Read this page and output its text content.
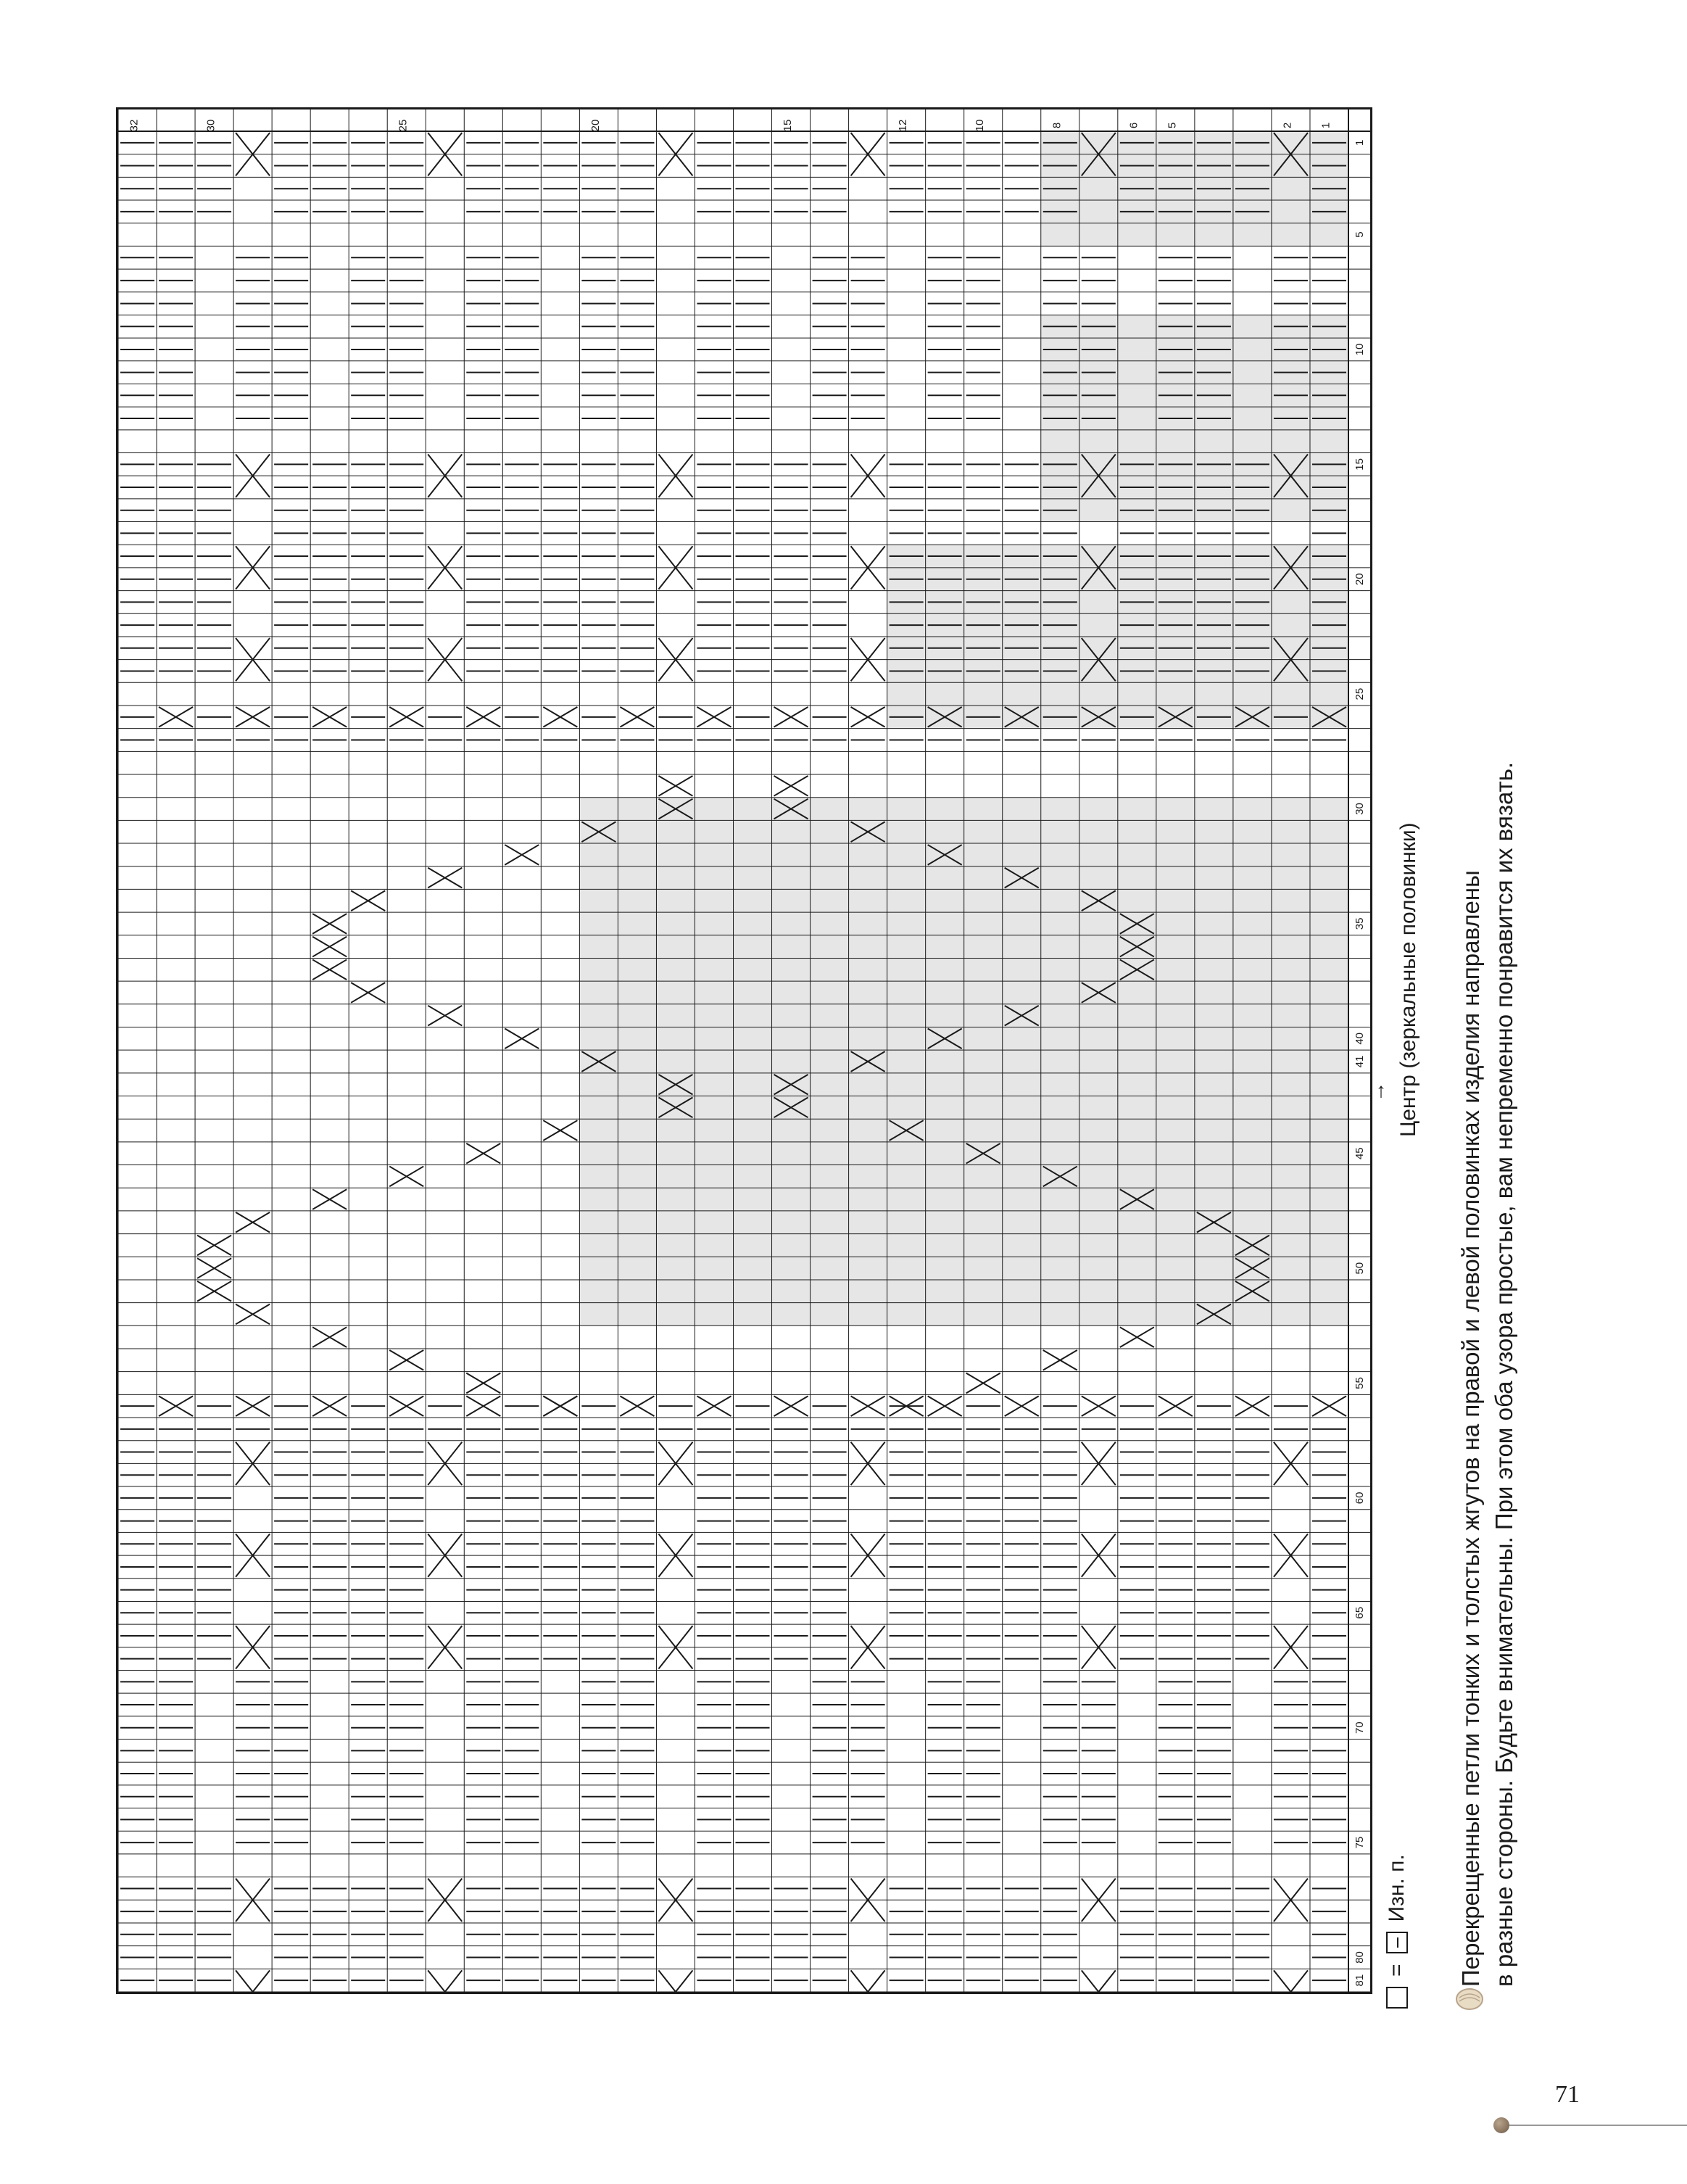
1
2
5
6
8
10
12
15
20
25
30
32
1
5
10
15
20
25
30
35
40
41
45
50
55
60
65
70
75
80
81
↑ Центр (зеркальные половинки)
=
Изн. п. Перекрещенные петли тонких и толстых жгутов на правой и левой половинках изделия направлены в разные стороны. Будьте внимательны. При этом оба узора простые, вам непременно понравится их вязать.
71
